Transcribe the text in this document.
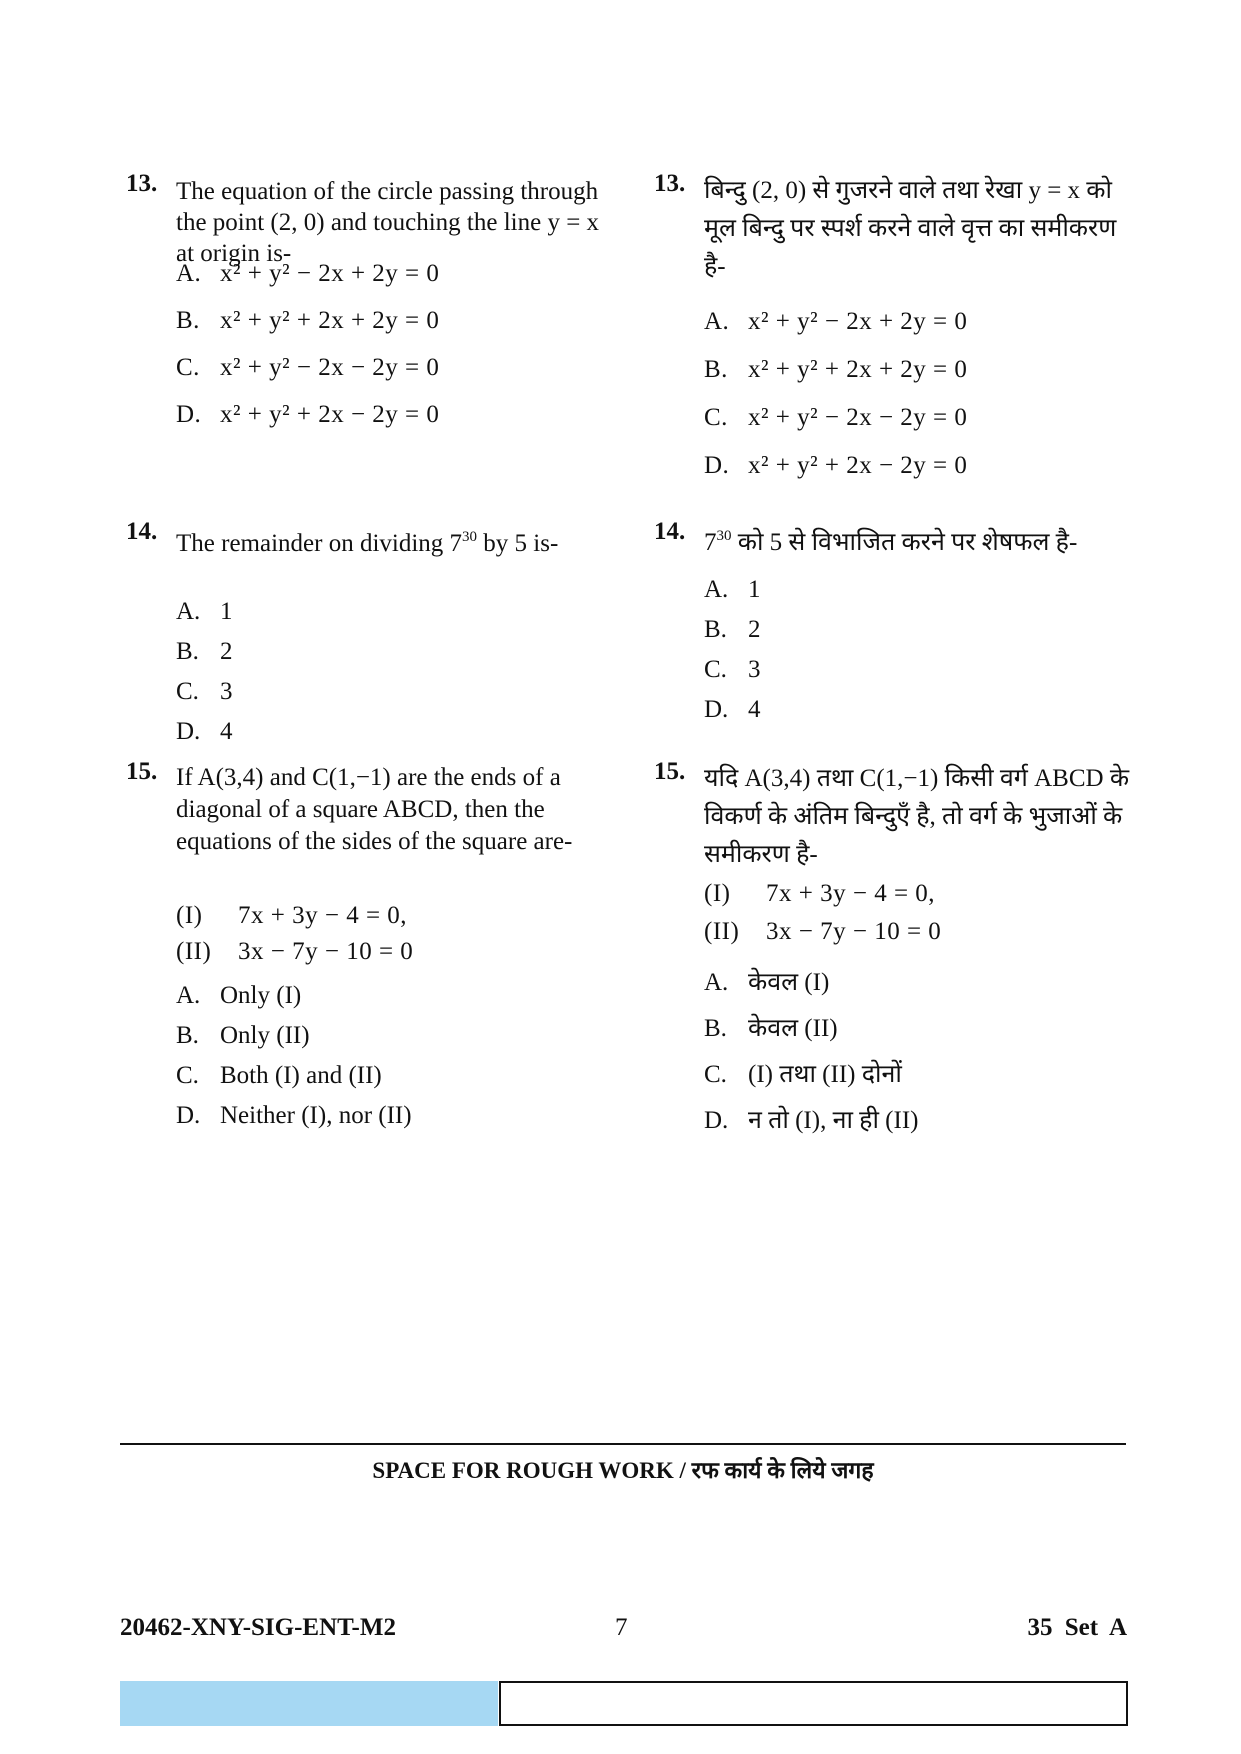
13. The equation of the circle passing through the point (2, 0) and touching the line y = x at origin is-
A. x² + y² − 2x + 2y = 0
B. x² + y² + 2x + 2y = 0
C. x² + y² − 2x − 2y = 0
D. x² + y² + 2x − 2y = 0
14. The remainder on dividing $7^{30}$ by 5 is-
A. 1
B. 2
C. 3
D. 4
15. If A(3,4) and C(1,−1) are the ends of a diagonal of a square ABCD, then the equations of the sides of the square are-
(I) 7x + 3y − 4 = 0,
(II) 3x − 7y − 10 = 0
A. Only (I)
B. Only (II)
C. Both (I) and (II)
D. Neither (I), nor (II)
13. बिन्दु (2, 0) से गुजरने वाले तथा रेखा y = x को मूल बिन्दु पर स्पर्श करने वाले वृत्त का समीकरण है-
A. x² + y² − 2x + 2y = 0
B. x² + y² + 2x + 2y = 0
C. x² + y² − 2x − 2y = 0
D. x² + y² + 2x − 2y = 0
14. $7^{30}$ को 5 से विभाजित करने पर शेषफल है-
A. 1
B. 2
C. 3
D. 4
15. यदि A(3,4) तथा C(1,−1) किसी वर्ग ABCD के विकर्ण के अंतिम बिन्दुएँ है, तो वर्ग के भुजाओं के समीकरण है-
(I) 7x + 3y − 4 = 0,
(II) 3x − 7y − 10 = 0
A. केवल (I)
B. केवल (II)
C. (I) तथा (II) दोनों
D. न तो (I), ना ही (II)
SPACE FOR ROUGH WORK / रफ कार्य के लिये जगह
20462-XNY-SIG-ENT-M2	7	35 Set A
